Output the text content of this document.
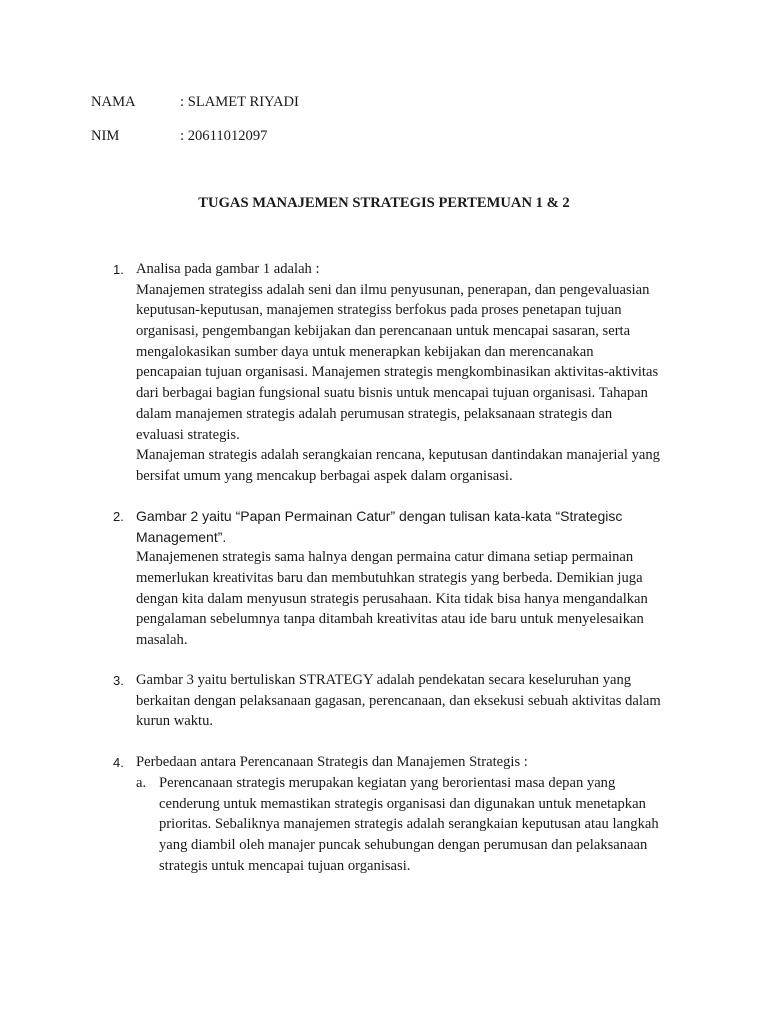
NAMA	: SLAMET RIYADI
NIM	: 20611012097
TUGAS MANAJEMEN STRATEGIS PERTEMUAN 1 & 2
1. Analisa pada gambar 1 adalah :
Manajemen strategiss adalah seni dan ilmu penyusunan, penerapan, dan pengevaluasian
keputusan-keputusan, manajemen strategiss berfokus pada proses penetapan tujuan
organisasi, pengembangan kebijakan dan perencanaan untuk mencapai sasaran, serta
mengalokasikan sumber daya untuk menerapkan kebijakan dan merencanakan
pencapaian tujuan organisasi. Manajemen strategis mengkombinasikan aktivitas-aktivitas
dari berbagai bagian fungsional suatu bisnis untuk mencapai tujuan organisasi. Tahapan
dalam manajemen strategis adalah perumusan strategis, pelaksanaan strategis dan
evaluasi strategis.
Manajeman strategis adalah serangkaian rencana, keputusan dantindakan manajerial yang
bersifat umum yang mencakup berbagai aspek dalam organisasi.
2. Gambar 2 yaitu “Papan Permainan Catur” dengan tulisan kata-kata “Strategisc
Management”.
Manajemenen strategis sama halnya dengan permaina catur dimana setiap permainan
memerlukan kreativitas baru dan membutuhkan strategis yang berbeda. Demikian juga
dengan kita dalam menyusun strategis perusahaan. Kita tidak bisa hanya mengandalkan
pengalaman sebelumnya tanpa ditambah kreativitas atau ide baru untuk menyelesaikan
masalah.
3. Gambar 3 yaitu bertuliskan STRATEGY adalah pendekatan secara keseluruhan yang
berkaitan dengan pelaksanaan gagasan, perencanaan, dan eksekusi sebuah aktivitas dalam
kurun waktu.
4. Perbedaan antara Perencanaan Strategis dan Manajemen Strategis :
a. Perencanaan strategis merupakan kegiatan yang berorientasi masa depan yang
cenderung untuk memastikan strategis organisasi dan digunakan untuk menetapkan
prioritas. Sebaliknya manajemen strategis adalah serangkaian keputusan atau langkah
yang diambil oleh manajer puncak sehubungan dengan perumusan dan pelaksanaan
strategis untuk mencapai tujuan organisasi.
